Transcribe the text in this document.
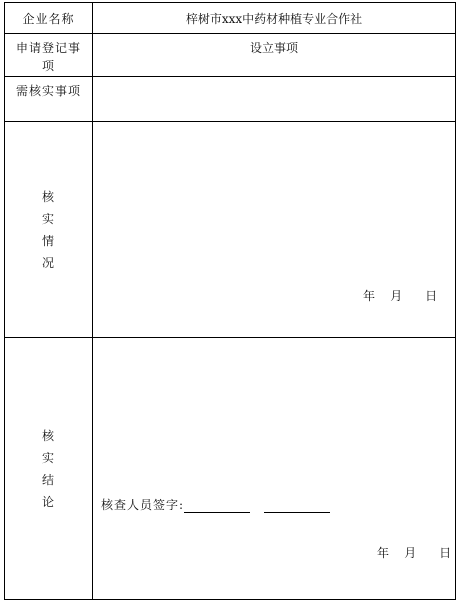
企业名称	梓树市xxx中药材种植专业合作社
申请登记事
项
设立事项
需核实事项
核
实
情
况
年    月      日
核
实
结
论	核查人员签字:
年    月      日
